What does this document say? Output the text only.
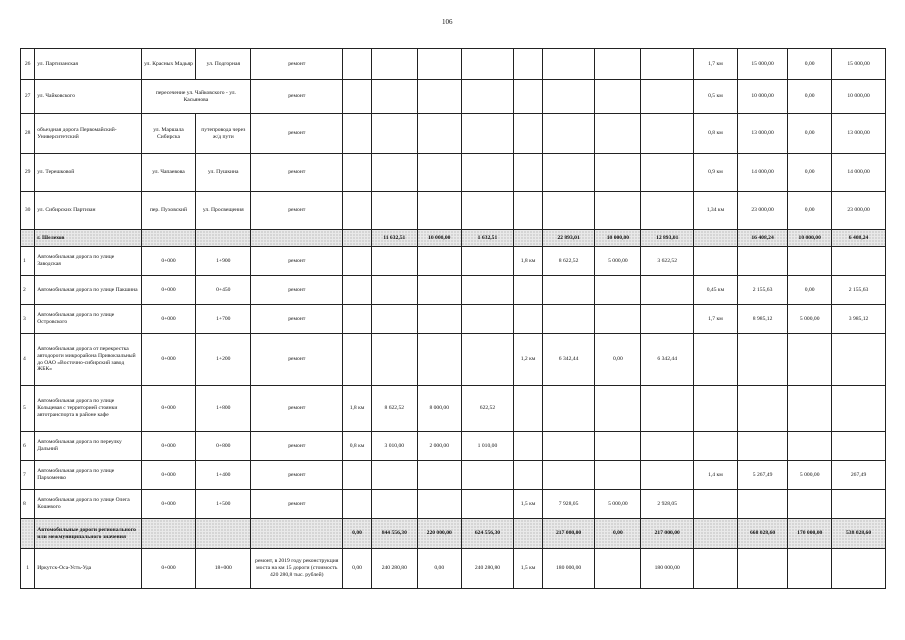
106
26	ул. Партизанская	ул. Красных Мадьяр	ул. Подгорная	ремонт									1,7 км	15 000,00	0,00	15 000,00
27	ул. Чайковского	пересечение ул. Чайковского - ул. Касьянова		ремонт									0,5 км	10 000,00	0,00	10 000,00
28	объездная дорога Первомайский-Университетский	ул. Маршала Сибирска	путепровода через ж/д пути	ремонт									0,8 км	13 000,00	0,00	13 000,00
29	ул. Терешковой	ул. Чапаевова	ул. Пушкина	ремонт									0,9 км	14 000,00	0,00	14 000,00
30	ул. Сибирских Партизан	пер. Пуховский	ул. Просвещения	ремонт									1,34 км	23 000,00	0,00	23 000,00
	г. Шелехов					11 632,51	10 000,00	1 632,51		22 893,01	10 000,00	12 893,01		16 408,24	10 000,00	6 408,24
1	Автомобильная дорога по улице Заводская	0+000	1+900	ремонт					1,8 км	8 622,52	5 000,00	3 622,52				
2	Автомобильная дорога по улице Пакшина	0+000	0+450	ремонт									0,45 км	2 155,63	0,00	2 155,63
3	Автомобильная дорога по улице Островского	0+000	1+700	ремонт									1,7 км	8 985,12	5 000,00	3 985,12
4	Автомобильная дорога от перекрестка автодороги микрорайона Привокзальный до ОАО «Восточно-сибирский завод ЖБК»	0+000	1+200	ремонт					1,2 км	6 342,44	0,00	6 342,44				
5	Автомобильная дорога по улице Кольцевая с территорией стоянки автотранспорта в районе кафе	0+000	1+800	ремонт	1,8 км	8 622,52	8 000,00	622,52								
6	Автомобильная дорога по переулку Дальний	0+000	0+800	ремонт	0,8 км	3 010,00	2 000,00	1 010,00								
7	Автомобильная дорога по улице Пархоменко	0+000	1+400	ремонт									1,4 км	5 267,49	5 000,00	267,49
8	Автомобильная дорога по улице Олега Кошевого	0+000	1+500	ремонт					1,5 км	7 928,05	5 000,00	2 928,05				
	Автомобильные дороги регионального или межмуниципального значения				0,00	844 556,30	220 000,00	624 556,30		217 000,00	0,00	217 000,00		668 028,60	170 000,00	538 028,60
1	Иркутск-Оса-Усть-Уда	0+000	18+000	ремонт, в 2019 году реконструкция моста на км 15 дороги (стоимость 420 280,8 тыс. рублей)	0,00	240 280,80	0,00	240 280,80	1,5 км	180 000,00		180 000,00				
